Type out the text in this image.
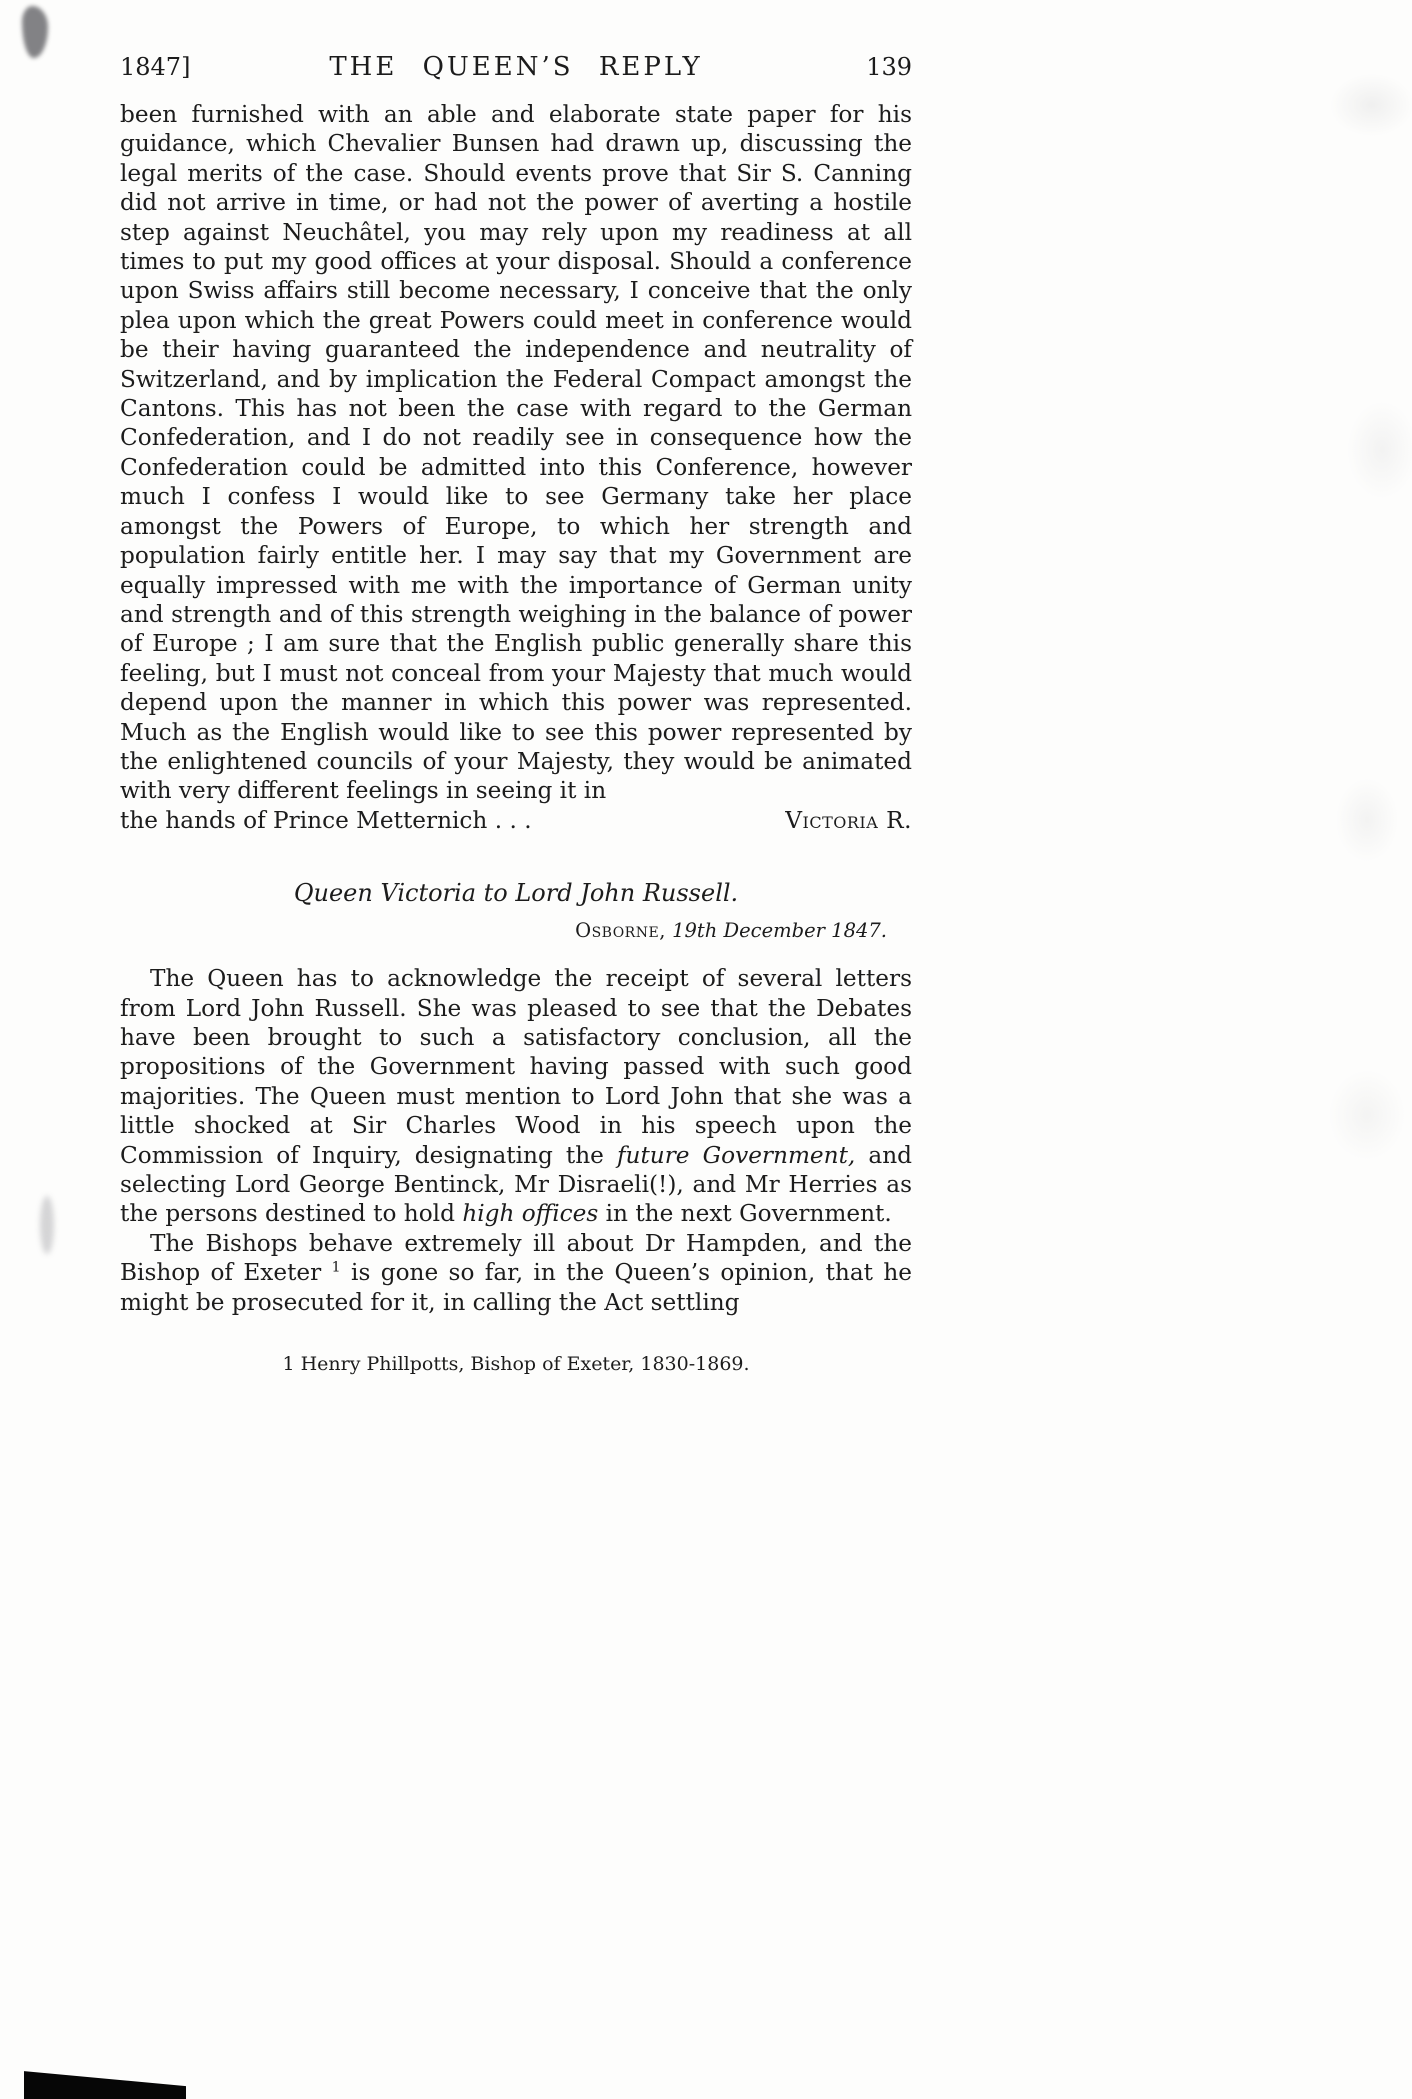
1847]	THE QUEEN’S REPLY	139

been furnished with an able and elaborate state paper for his guidance, which Chevalier Bunsen had drawn up, discussing the legal merits of the case. Should events prove that Sir S. Canning did not arrive in time, or had not the power of averting a hostile step against Neuchâtel, you may rely upon my readiness at all times to put my good offices at your disposal. Should a conference upon Swiss affairs still become necessary, I conceive that the only plea upon which the great Powers could meet in conference would be their having guaranteed the independence and neutrality of Switzerland, and by implication the Federal Compact amongst the Cantons. This has not been the case with regard to the German Confederation, and I do not readily see in consequence how the Confederation could be admitted into this Conference, however much I confess I would like to see Germany take her place amongst the Powers of Europe, to which her strength and population fairly entitle her. I may say that my Government are equally impressed with me with the importance of German unity and strength and of this strength weighing in the balance of power of Europe ; I am sure that the English public generally share this feeling, but I must not conceal from your Majesty that much would depend upon the manner in which this power was represented. Much as the English would like to see this power represented by the enlightened councils of your Majesty, they would be animated with very different feelings in seeing it in

the hands of Prince Metternich . . .	Victoria R.
Queen Victoria to Lord John Russell.
Osborne, 19th December 1847.

The Queen has to acknowledge the receipt of several letters from Lord John Russell. She was pleased to see that the Debates have been brought to such a satisfactory conclusion, all the propositions of the Government having passed with such good majorities. The Queen must mention to Lord John that she was a little shocked at Sir Charles Wood in his speech upon the Commission of Inquiry, designating the future Government, and selecting Lord George Bentinck, Mr Disraeli(!), and Mr Herries as the persons destined to hold high offices in the next Government.

The Bishops behave extremely ill about Dr Hampden, and the Bishop of Exeter $^1$ is gone so far, in the Queen’s opinion, that he might be prosecuted for it, in calling the Act settling

1 Henry Phillpotts, Bishop of Exeter, 1830-1869.
